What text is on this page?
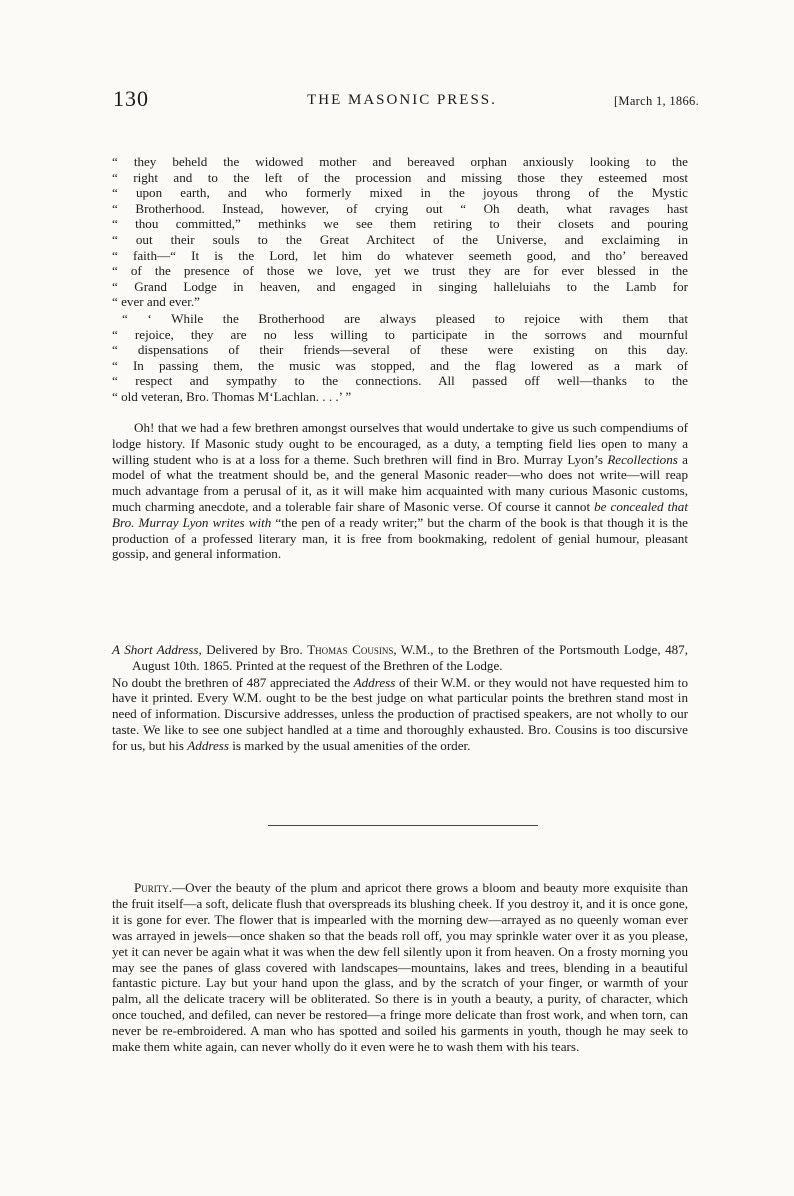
130	THE MASONIC PRESS.	[March 1, 1866.
“ they beheld the widowed mother and bereaved orphan anxiously looking to the
“ right and to the left of the procession and missing those they esteemed most
“ upon earth, and who formerly mixed in the joyous throng of the Mystic
“ Brotherhood. Instead, however, of crying out “ Oh death, what ravages hast
“ thou committed,” methinks we see them retiring to their closets and pouring
“ out their souls to the Great Architect of the Universe, and exclaiming in
“ faith—“ It is the Lord, let him do whatever seemeth good, and tho’ bereaved
“ of the presence of those we love, yet we trust they are for ever blessed in the
“ Grand Lodge in heaven, and engaged in singing halleluiahs to the Lamb for
“ ever and ever.”
“ ‘ While the Brotherhood are always pleased to rejoice with them that
“ rejoice, they are no less willing to participate in the sorrows and mournful
“ dispensations of their friends—several of these were existing on this day.
“ In passing them, the music was stopped, and the flag lowered as a mark of
“ respect and sympathy to the connections. All passed off well—thanks to the
“ old veteran, Bro. Thomas M‘Lachlan. . . .’ ”

Oh! that we had a few brethren amongst ourselves that would undertake to give us such compendiums of lodge history. If Masonic study ought to be encouraged, as a duty, a tempting field lies open to many a willing student who is at a loss for a theme. Such brethren will find in Bro. Murray Lyon’s Recollections a model of what the treatment should be, and the general Masonic reader—who does not write—will reap much advantage from a perusal of it, as it will make him acquainted with many curious Masonic customs, much charming anecdote, and a tolerable fair share of Masonic verse. Of course it cannot be concealed that Bro. Murray Lyon writes with “the pen of a ready writer;” but the charm of the book is that though it is the production of a professed literary man, it is free from bookmaking, redolent of genial humour, pleasant gossip, and general information.

A Short Address, Delivered by Bro. Thomas Cousins, W.M., to the Brethren of the Portsmouth Lodge, 487, August 10th. 1865. Printed at the request of the Brethren of the Lodge.

No doubt the brethren of 487 appreciated the Address of their W.M. or they would not have requested him to have it printed. Every W.M. ought to be the best judge on what particular points the brethren stand most in need of information. Discursive addresses, unless the production of practised speakers, are not wholly to our taste. We like to see one subject handled at a time and thoroughly exhausted. Bro. Cousins is too discursive for us, but his Address is marked by the usual amenities of the order.

Purity.—Over the beauty of the plum and apricot there grows a bloom and beauty more exquisite than the fruit itself—a soft, delicate flush that overspreads its blushing cheek. If you destroy it, and it is once gone, it is gone for ever. The flower that is impearled with the morning dew—arrayed as no queenly woman ever was arrayed in jewels—once shaken so that the beads roll off, you may sprinkle water over it as you please, yet it can never be again what it was when the dew fell silently upon it from heaven. On a frosty morning you may see the panes of glass covered with landscapes—mountains, lakes and trees, blending in a beautiful fantastic picture. Lay but your hand upon the glass, and by the scratch of your finger, or warmth of your palm, all the delicate tracery will be obliterated. So there is in youth a beauty, a purity, of character, which once touched, and defiled, can never be restored—a fringe more delicate than frost work, and when torn, can never be re-embroidered. A man who has spotted and soiled his garments in youth, though he may seek to make them white again, can never wholly do it even were he to wash them with his tears.
